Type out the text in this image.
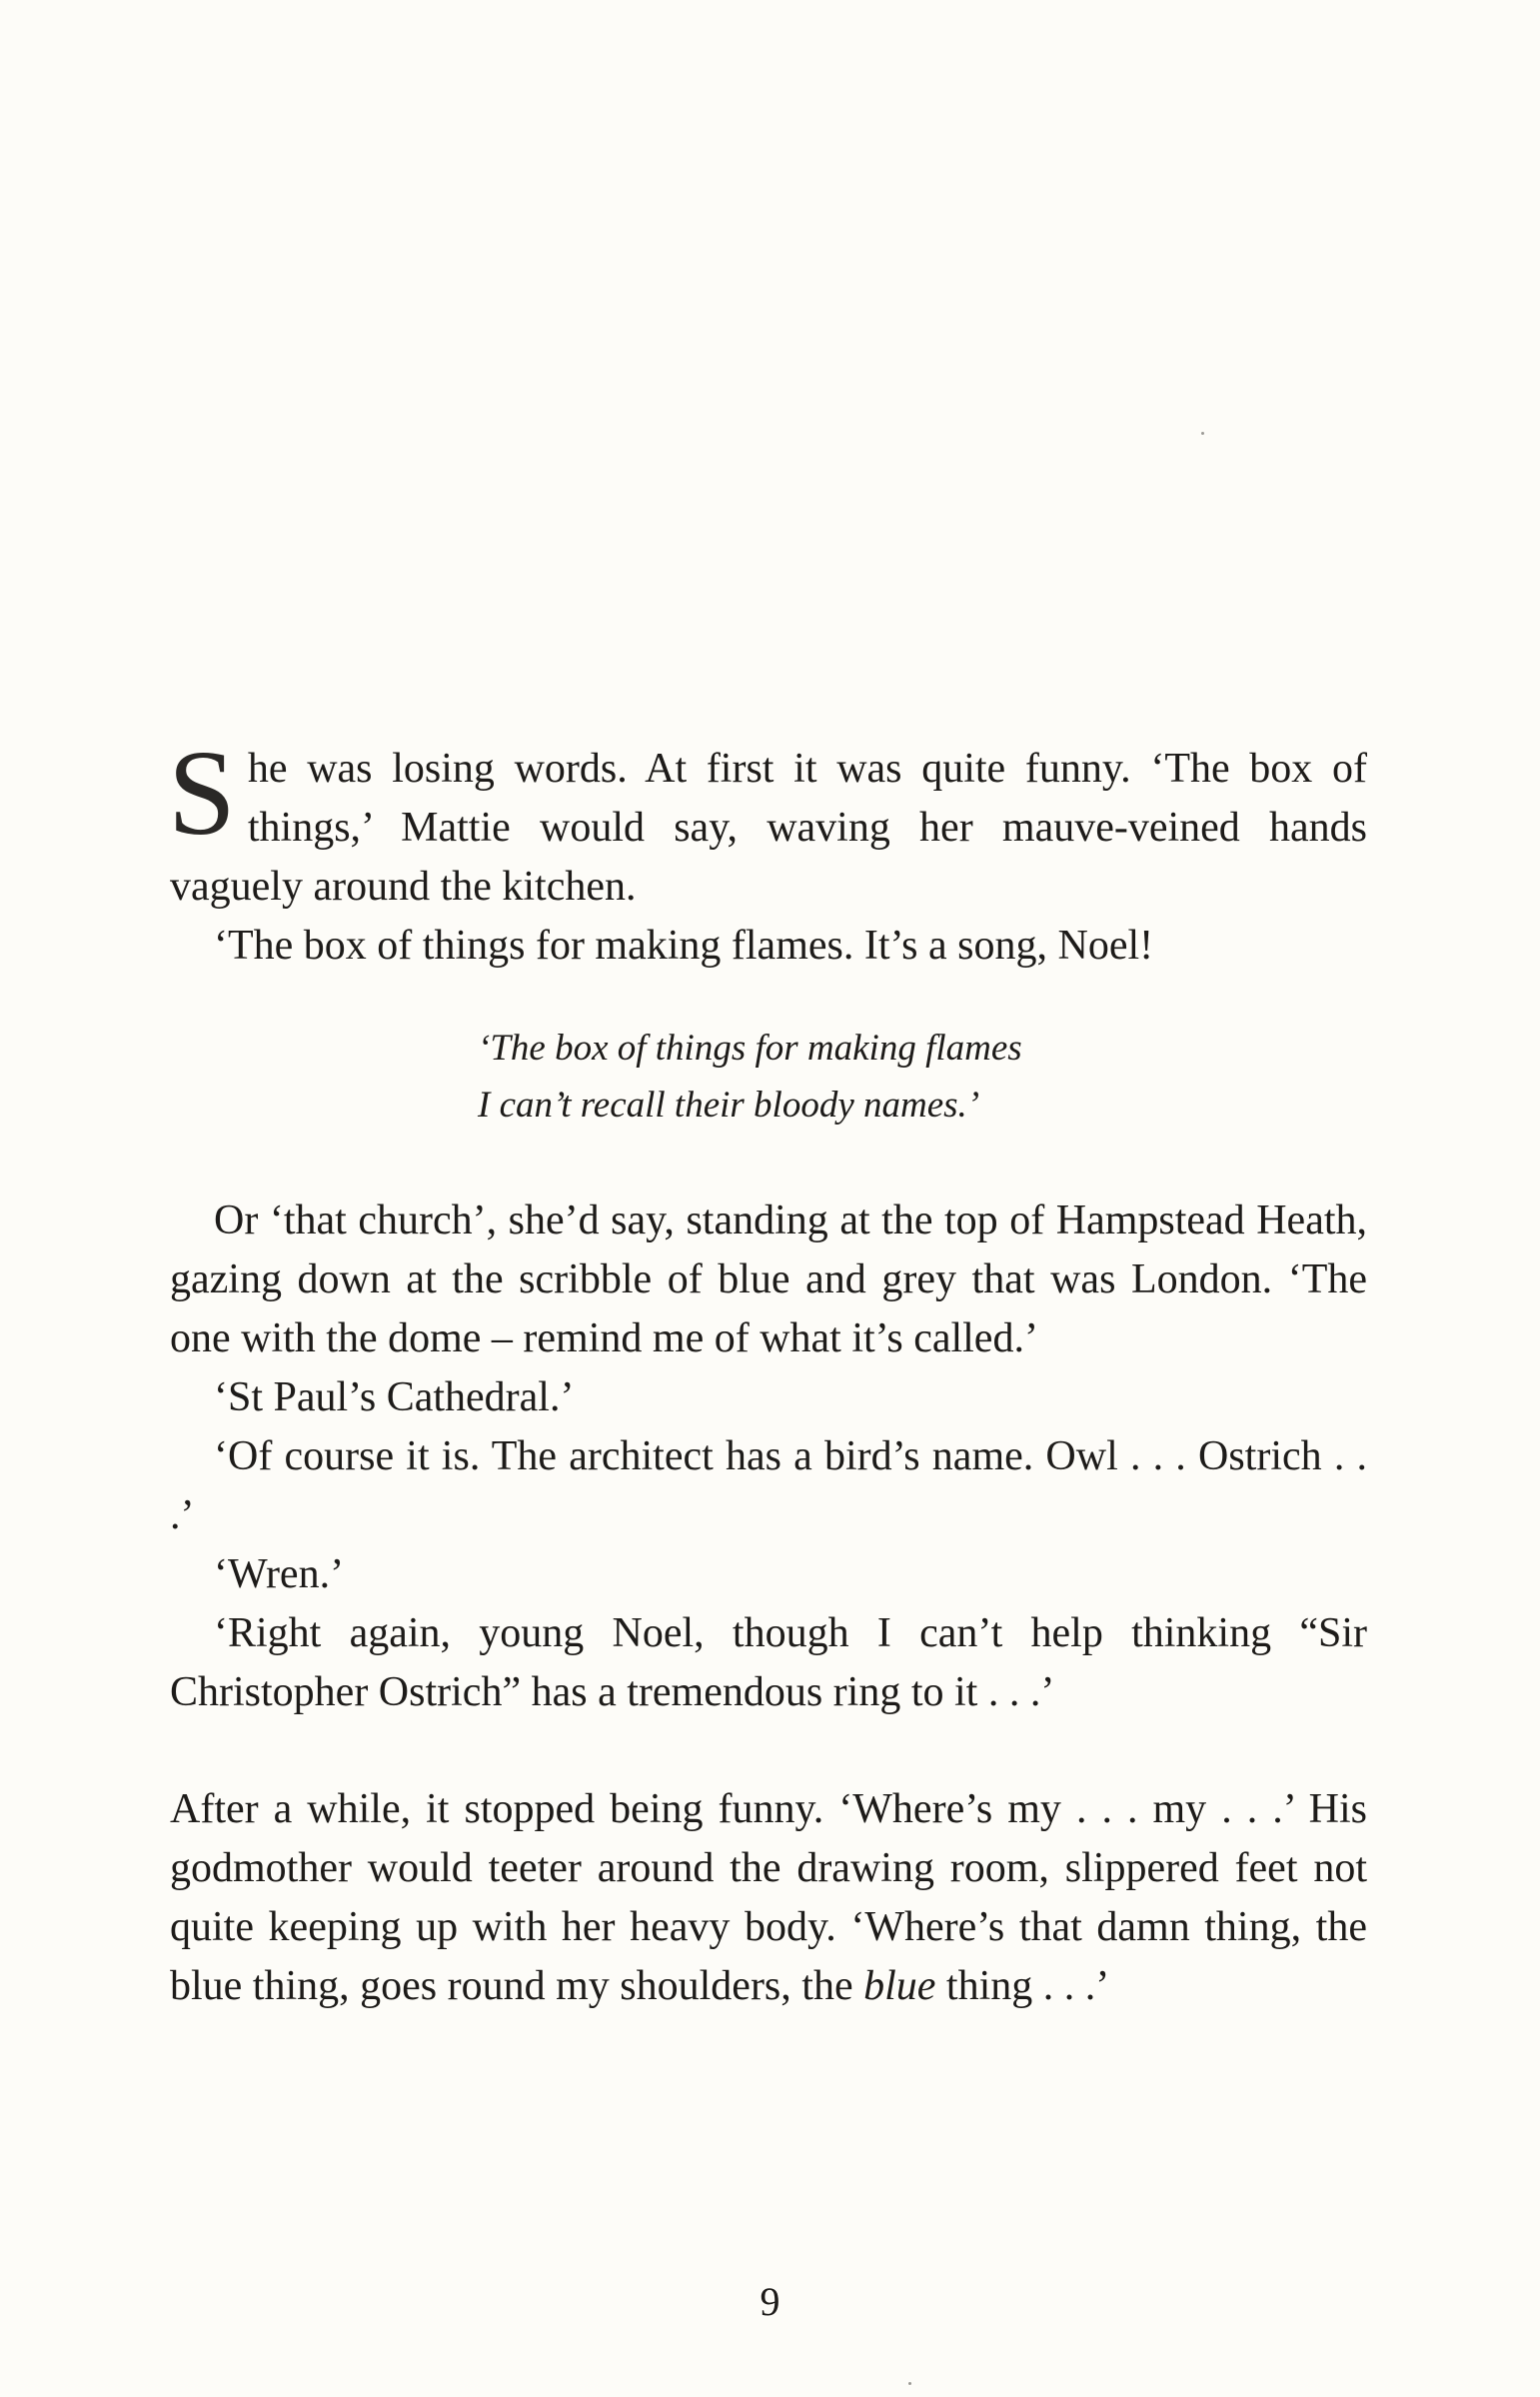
She was losing words. At first it was quite funny. ‘The box of things,’ Mattie would say, waving her mauve-veined hands vaguely around the kitchen.

‘The box of things for making flames. It’s a song, Noel!

‘The box of things for making flames
I can’t recall their bloody names.’

Or ‘that church’, she’d say, standing at the top of Hampstead Heath, gazing down at the scribble of blue and grey that was London. ‘The one with the dome – remind me of what it’s called.’

‘St Paul’s Cathedral.’

‘Of course it is. The architect has a bird’s name. Owl . . . Ostrich . . .’

‘Wren.’

‘Right again, young Noel, though I can’t help thinking “Sir Christopher Ostrich” has a tremendous ring to it . . .’

After a while, it stopped being funny. ‘Where’s my . . . my . . .’ His godmother would teeter around the drawing room, slippered feet not quite keeping up with her heavy body. ‘Where’s that damn thing, the blue thing, goes round my shoulders, the blue thing . . .’

9
